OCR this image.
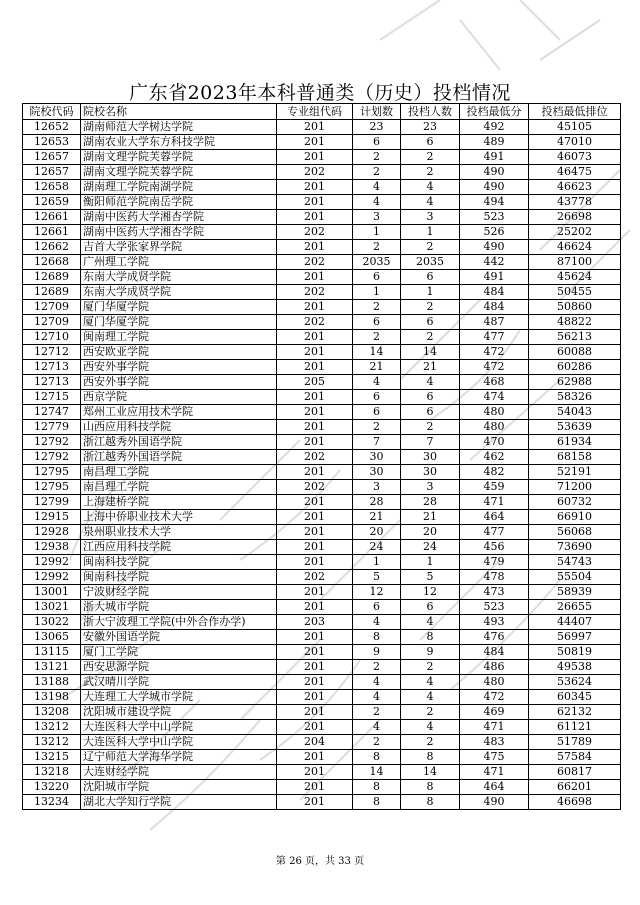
广东省2023年本科普通类（历史）投档情况
院校代码	院校名称	专业组代码	计划数	投档人数	投档最低分	投档最低排位
12652	湖南师范大学树达学院	201	23	23	492	45105
12653	湖南农业大学东方科技学院	201	6	6	489	47010
12657	湖南文理学院芙蓉学院	201	2	2	491	46073
12657	湖南文理学院芙蓉学院	202	2	2	490	46475
12658	湖南理工学院南湖学院	201	4	4	490	46623
12659	衡阳师范学院南岳学院	201	4	4	494	43778
12661	湖南中医药大学湘杏学院	201	3	3	523	26698
12661	湖南中医药大学湘杏学院	202	1	1	526	25202
12662	吉首大学张家界学院	201	2	2	490	46624
12668	广州理工学院	202	2035	2035	442	87100
12689	东南大学成贤学院	201	6	6	491	45624
12689	东南大学成贤学院	202	1	1	484	50455
12709	厦门华厦学院	201	2	2	484	50860
12709	厦门华厦学院	202	6	6	487	48822
12710	闽南理工学院	201	2	2	477	56213
12712	西安欧亚学院	201	14	14	472	60088
12713	西安外事学院	201	21	21	472	60286
12713	西安外事学院	205	4	4	468	62988
12715	西京学院	201	6	6	474	58326
12747	郑州工业应用技术学院	201	6	6	480	54043
12779	山西应用科技学院	201	2	2	480	53639
12792	浙江越秀外国语学院	201	7	7	470	61934
12792	浙江越秀外国语学院	202	30	30	462	68158
12795	南昌理工学院	201	30	30	482	52191
12795	南昌理工学院	202	3	3	459	71200
12799	上海建桥学院	201	28	28	471	60732
12915	上海中侨职业技术大学	201	21	21	464	66910
12928	泉州职业技术大学	201	20	20	477	56068
12938	江西应用科技学院	201	24	24	456	73690
12992	闽南科技学院	201	1	1	479	54743
12992	闽南科技学院	202	5	5	478	55504
13001	宁波财经学院	201	12	12	473	58939
13021	浙大城市学院	201	6	6	523	26655
13022	浙大宁波理工学院(中外合作办学)	203	4	4	493	44407
13065	安徽外国语学院	201	8	8	476	56997
13115	厦门工学院	201	9	9	484	50819
13121	西安思源学院	201	2	2	486	49538
13188	武汉晴川学院	201	4	4	480	53624
13198	大连理工大学城市学院	201	4	4	472	60345
13208	沈阳城市建设学院	201	2	2	469	62132
13212	大连医科大学中山学院	201	4	4	471	61121
13212	大连医科大学中山学院	204	2	2	483	51789
13215	辽宁师范大学海华学院	201	8	8	475	57584
13218	大连财经学院	201	14	14	471	60817
13220	沈阳城市学院	201	8	8	464	66201
13234	湖北大学知行学院	201	8	8	490	46698
第 26 页，共 33 页
